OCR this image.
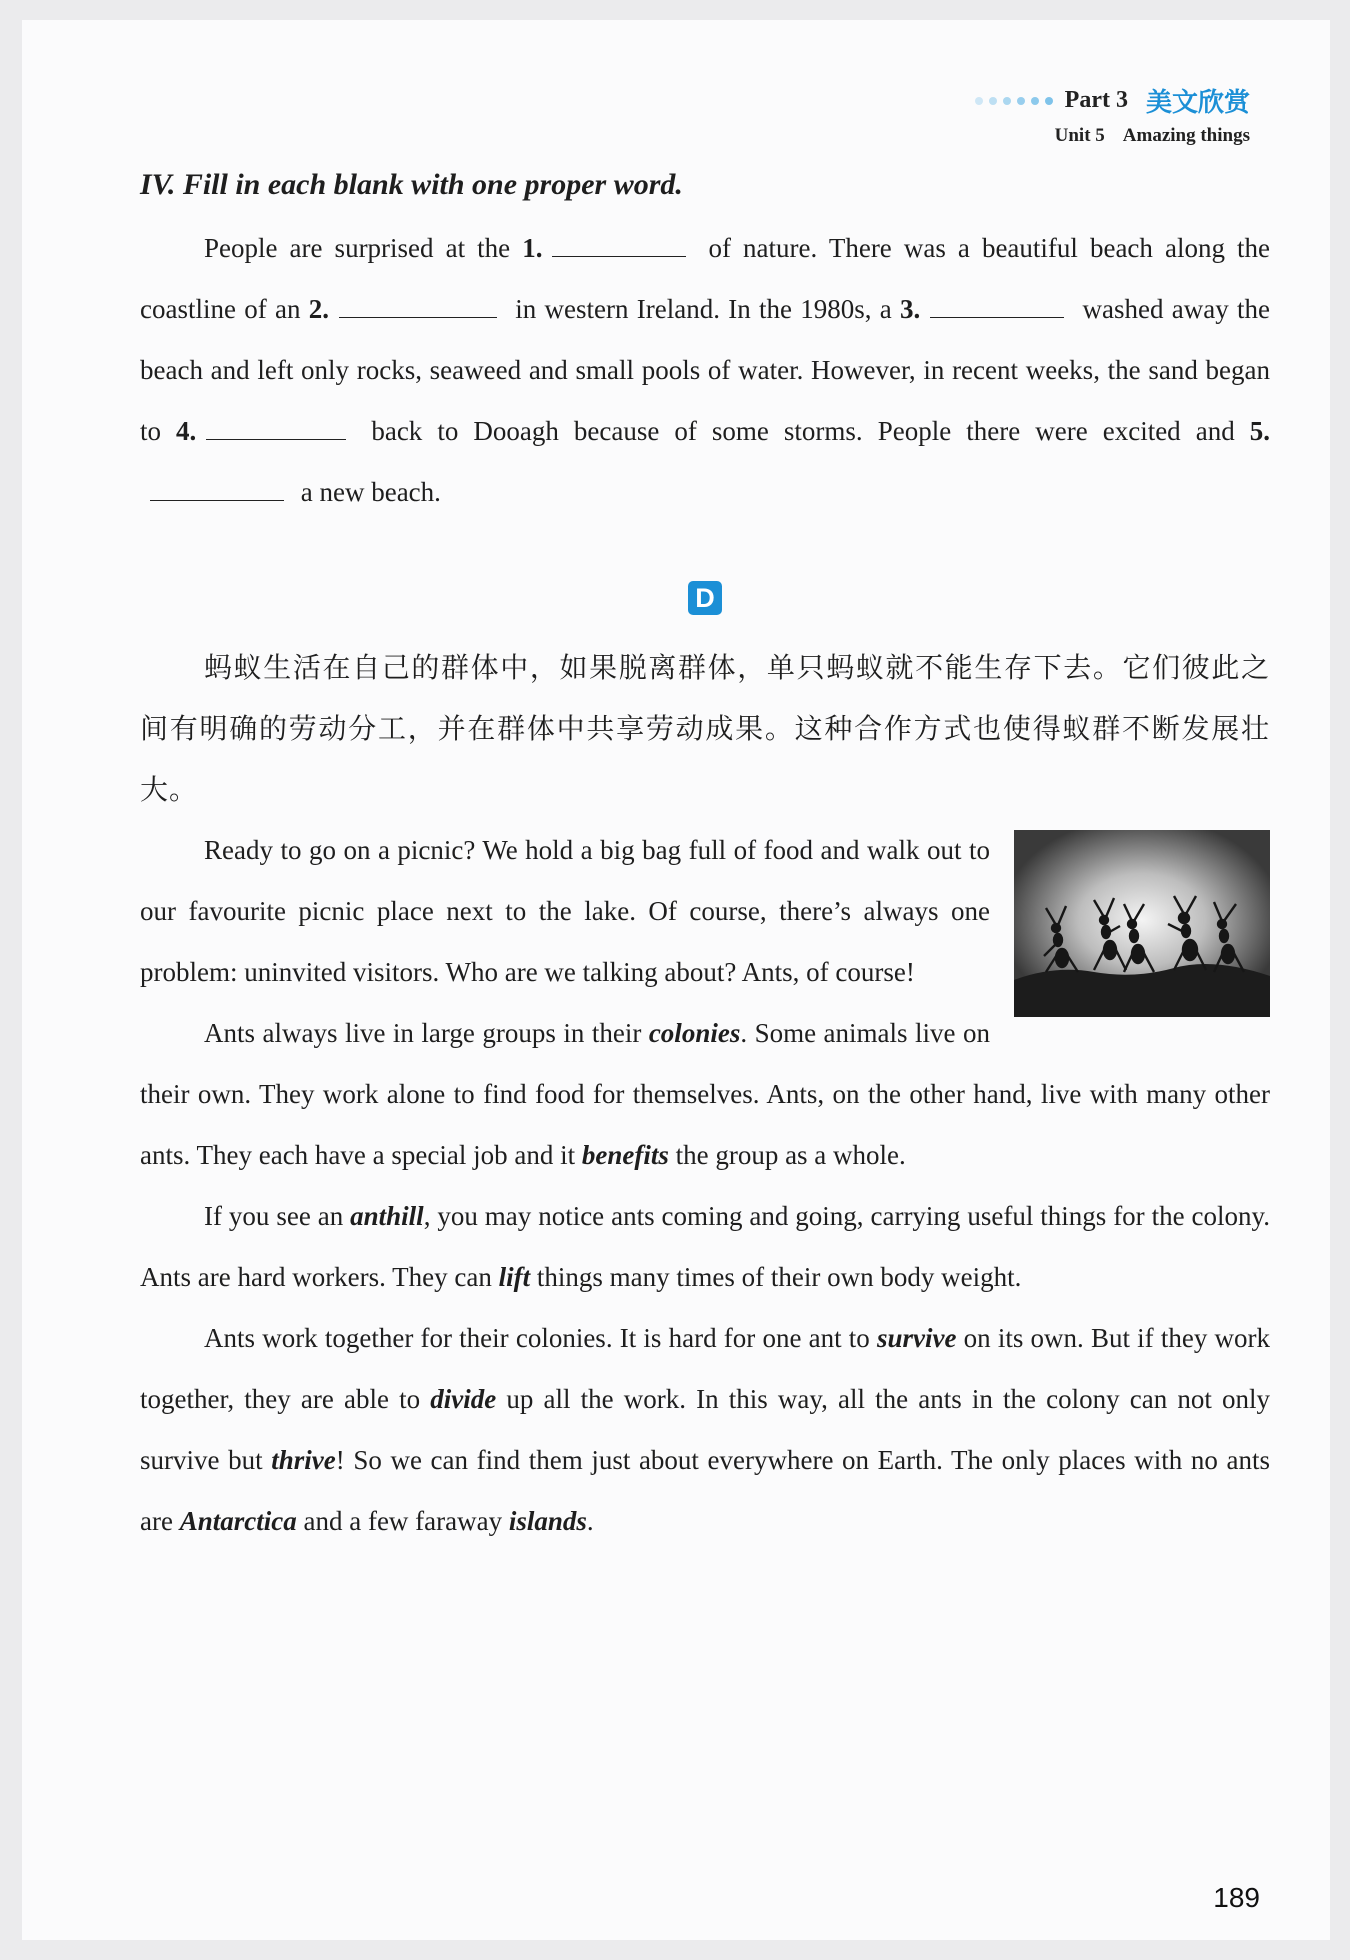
Part 3 美文欣赏
Unit 5 Amazing things
IV. Fill in each blank with one proper word.

People are surprised at the 1.	of nature. There was a beautiful beach along the coastline of an 2.	in western Ireland. In the 1980s, a 3.	washed away the beach and left only rocks, seaweed and small pools of water. However, in recent weeks, the sand began to 4.	back to Dooagh because of some storms. People there were excited and 5. a new beach.

D

蚂蚁生活在自己的群体中，如果脱离群体，单只蚂蚁就不能生存下去。它们彼此之间有明确的劳动分工，并在群体中共享劳动成果。这种合作方式也使得蚁群不断发展壮大。

Ready to go on a picnic? We hold a big bag full of food and walk out to our favourite picnic place next to the lake. Of course, there’s always one problem: uninvited visitors. Who are we talking about? Ants, of course!

Ants always live in large groups in their colonies. Some animals live on their own. They work alone to find food for themselves. Ants, on the other hand, live with many other ants. They each have a special job and it benefits the group as a whole.

If you see an anthill, you may notice ants coming and going, carrying useful things for the colony. Ants are hard workers. They can lift things many times of their own body weight.

Ants work together for their colonies. It is hard for one ant to survive on its own. But if they work together, they are able to divide up all the work. In this way, all the ants in the colony can not only survive but thrive! So we can find them just about everywhere on Earth. The only places with no ants are Antarctica and a few faraway islands.

189
